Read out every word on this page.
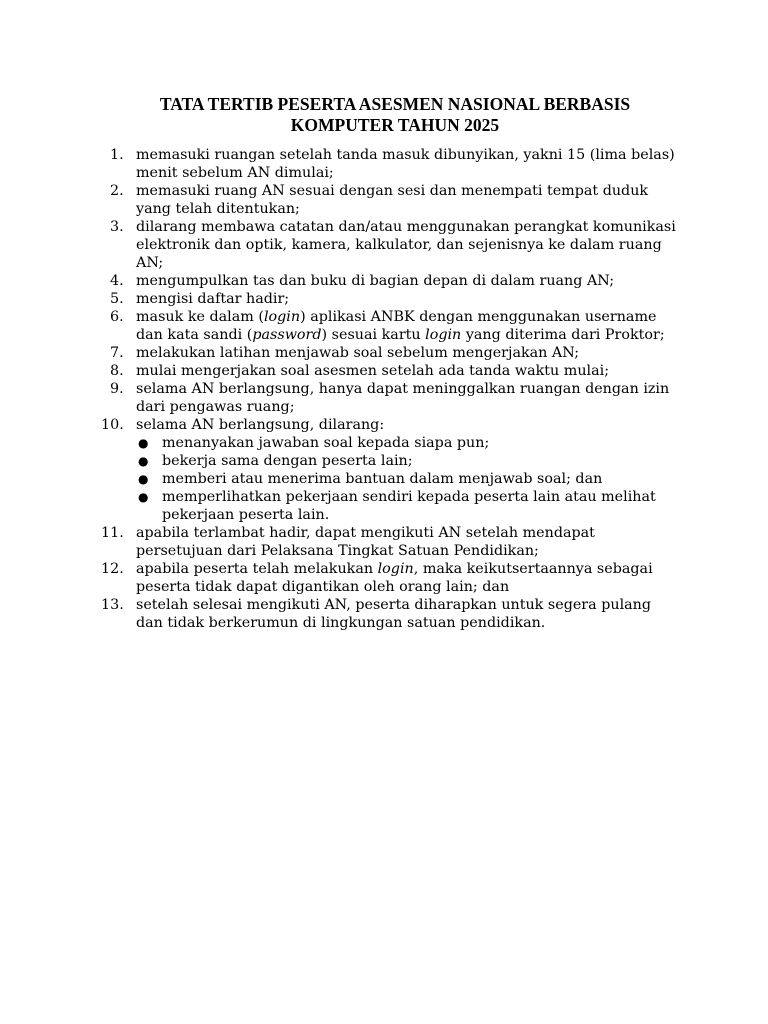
TATA TERTIB PESERTA ASESMEN NASIONAL BERBASIS
KOMPUTER TAHUN 2025
1. memasuki ruangan setelah tanda masuk dibunyikan, yakni 15 (lima belas) menit sebelum AN dimulai;
2. memasuki ruang AN sesuai dengan sesi dan menempati tempat duduk yang telah ditentukan;
3. dilarang membawa catatan dan/atau menggunakan perangkat komunikasi elektronik dan optik, kamera, kalkulator, dan sejenisnya ke dalam ruang AN;
4. mengumpulkan tas dan buku di bagian depan di dalam ruang AN;
5. mengisi daftar hadir;
6. masuk ke dalam (login) aplikasi ANBK dengan menggunakan username dan kata sandi (password) sesuai kartu login yang diterima dari Proktor;
7. melakukan latihan menjawab soal sebelum mengerjakan AN;
8. mulai mengerjakan soal asesmen setelah ada tanda waktu mulai;
9. selama AN berlangsung, hanya dapat meninggalkan ruangan dengan izin dari pengawas ruang;
10. selama AN berlangsung, dilarang:
● menanyakan jawaban soal kepada siapa pun;
● bekerja sama dengan peserta lain;
● memberi atau menerima bantuan dalam menjawab soal; dan
● memperlihatkan pekerjaan sendiri kepada peserta lain atau melihat pekerjaan peserta lain.
11. apabila terlambat hadir, dapat mengikuti AN setelah mendapat persetujuan dari Pelaksana Tingkat Satuan Pendidikan;
12. apabila peserta telah melakukan login, maka keikutsertaannya sebagai peserta tidak dapat digantikan oleh orang lain; dan
13. setelah selesai mengikuti AN, peserta diharapkan untuk segera pulang dan tidak berkerumun di lingkungan satuan pendidikan.
